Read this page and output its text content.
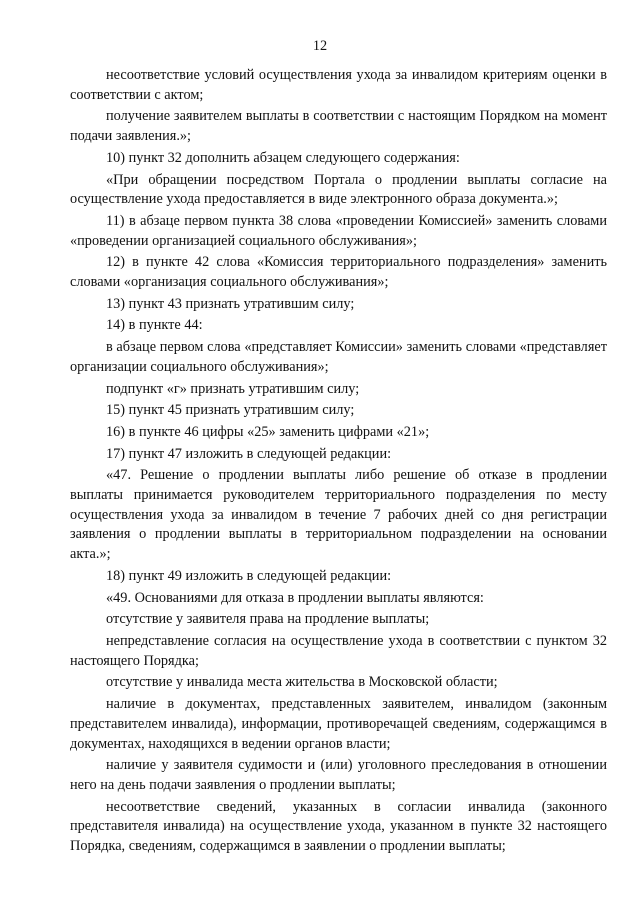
12

несоответствие условий осуществления ухода за инвалидом критериям оценки в соответствии с актом;

получение заявителем выплаты в соответствии с настоящим Порядком на момент подачи заявления.»;

10) пункт 32 дополнить абзацем следующего содержания:

«При обращении посредством Портала о продлении выплаты согласие на осуществление ухода предоставляется в виде электронного образа документа.»;

11) в абзаце первом пункта 38 слова «проведении Комиссией» заменить словами «проведении организацией социального обслуживания»;

12) в пункте 42 слова «Комиссия территориального подразделения» заменить словами «организация социального обслуживания»;

13) пункт 43 признать утратившим силу;

14) в пункте 44:

в абзаце первом слова «представляет Комиссии» заменить словами «представляет организации социального обслуживания»;

подпункт «г» признать утратившим силу;

15) пункт 45 признать утратившим силу;

16) в пункте 46 цифры «25» заменить цифрами «21»;

17) пункт 47 изложить в следующей редакции:

«47. Решение о продлении выплаты либо решение об отказе в продлении выплаты принимается руководителем территориального подразделения по месту осуществления ухода за инвалидом в течение 7 рабочих дней со дня регистрации заявления о продлении выплаты в территориальном подразделении на основании акта.»;

18) пункт 49 изложить в следующей редакции:

«49. Основаниями для отказа в продлении выплаты являются:

отсутствие у заявителя права на продление выплаты;

непредставление согласия на осуществление ухода в соответствии с пунктом 32 настоящего Порядка;

отсутствие у инвалида места жительства в Московской области;

наличие в документах, представленных заявителем, инвалидом (законным представителем инвалида), информации, противоречащей сведениям, содержащимся в документах, находящихся в ведении органов власти;

наличие у заявителя судимости и (или) уголовного преследования в отношении него на день подачи заявления о продлении выплаты;

несоответствие сведений, указанных в согласии инвалида (законного представителя инвалида) на осуществление ухода, указанном в пункте 32 настоящего Порядка, сведениям, содержащимся в заявлении о продлении выплаты;
